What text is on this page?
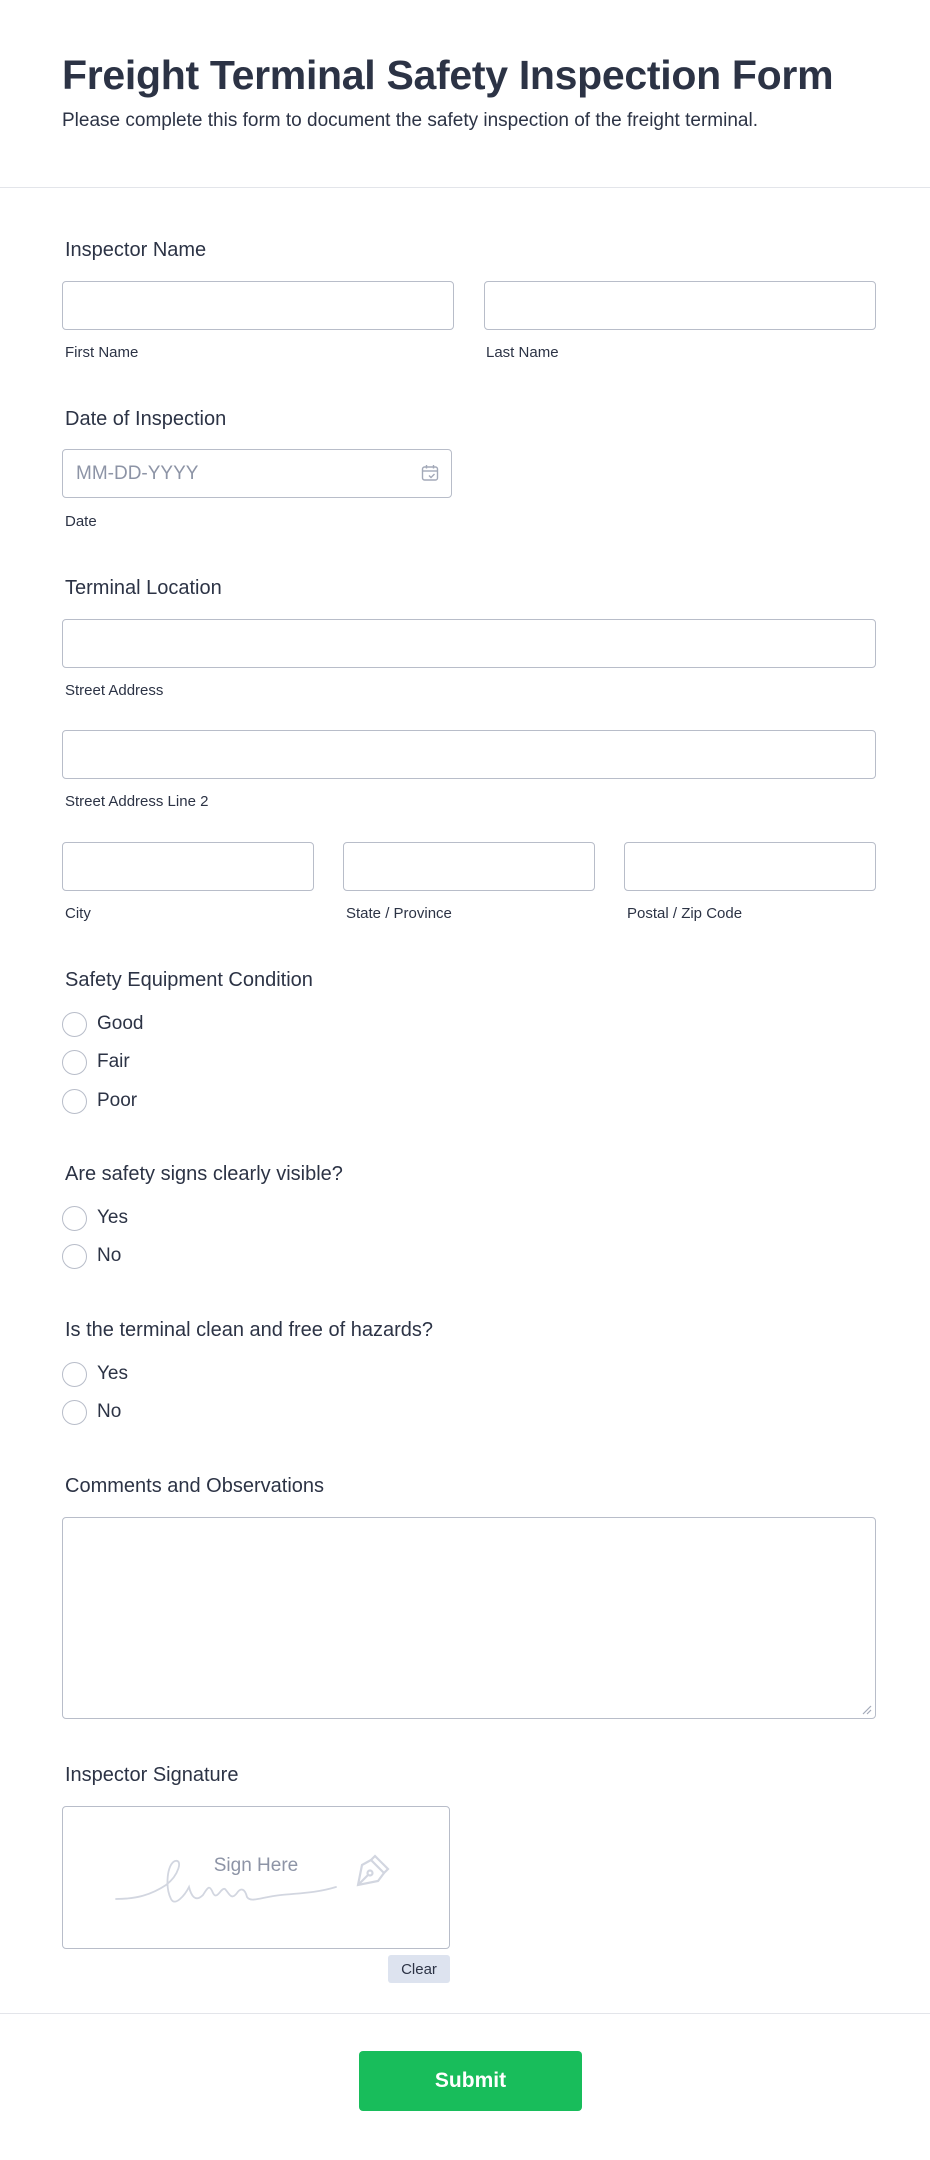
Freight Terminal Safety Inspection Form

Please complete this form to document the safety inspection of the freight terminal.

Inspector Name
First Name	Last Name
Date of Inspection
MM-DD-YYYY
Date
Terminal Location
Street Address
Street Address Line 2
City	State / Province	Postal / Zip Code
Safety Equipment Condition
Good
Fair
Poor
Are safety signs clearly visible?
Yes
No
Is the terminal clean and free of hazards?
Yes
No
Comments and Observations
Inspector Signature
Sign Here
Clear
Submit
